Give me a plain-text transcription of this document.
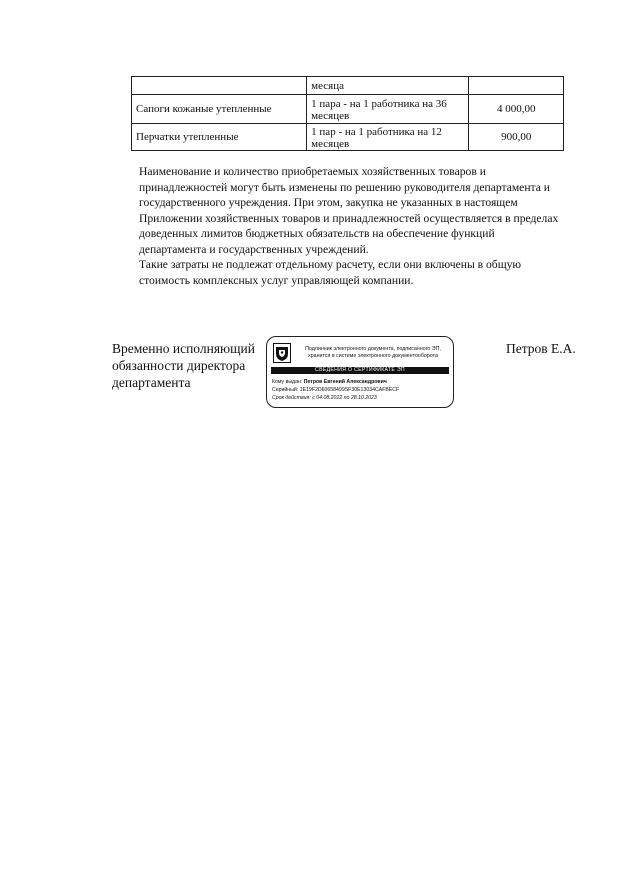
	месяца	

Сапоги кожаные утепленные	1 пара - на 1 работника на 36 месяцев	4 000,00
Перчатки утепленные	1 пар - на 1 работника на 12 месяцев	900,00

Наименование и количество приобретаемых хозяйственных товаров и принадлежностей могут быть изменены по решению руководителя департамента и государственного учреждения. При этом, закупка не указанных в настоящем Приложении хозяйственных товаров и принадлежностей осуществляется в пределах доведенных лимитов бюджетных обязательств на обеспечение функций департамента и государственных учреждений.

Такие затраты не подлежат отдельному расчету, если они включены в общую стоимость комплексных услуг управляющей компании.

Временно исполняющий
обязанности директора
департамента
Подлинник электронного документа, подписанного ЭП,
хранится в системе электронного документооборота
СВЕДЕНИЯ О СЕРТИФИКАТЕ ЭП
Кому выдан: Петров Евгений Александрович
Серийный: 1E19F2D60658499SF30E13034CAFBECF
Срок действия: с 04.08.2022 по 28.10.2023
Петров Е.А.
